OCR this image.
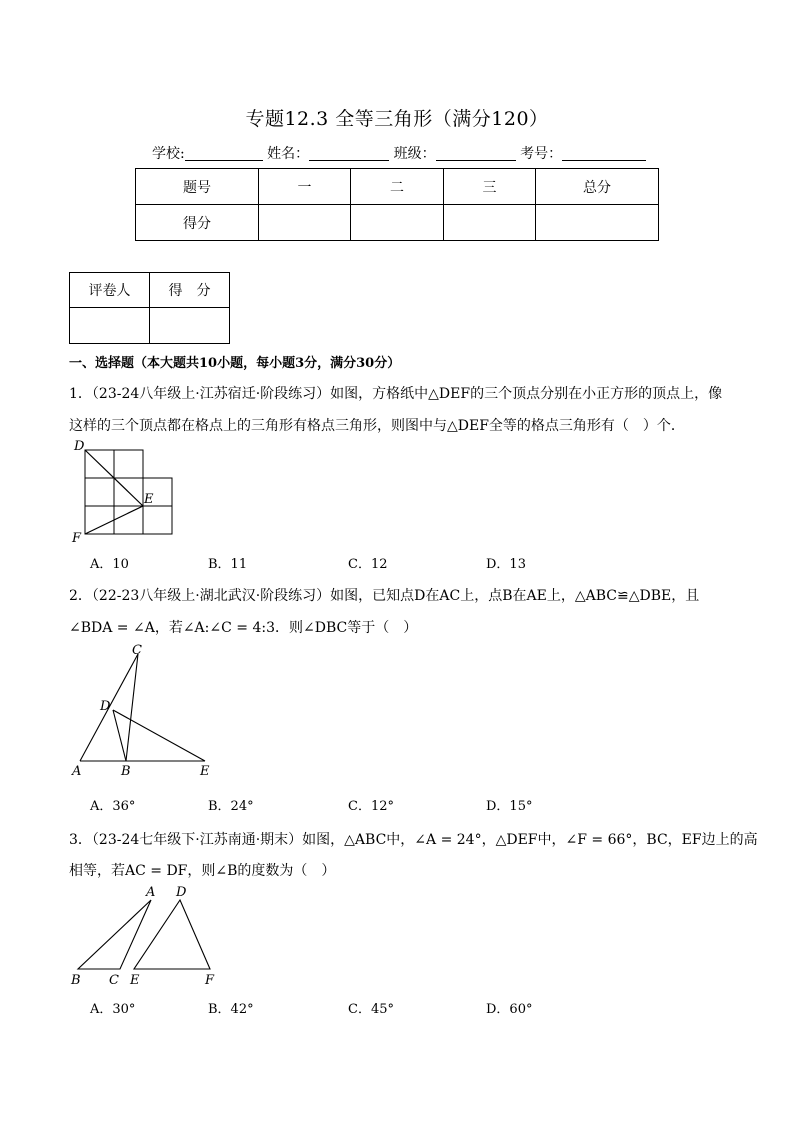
专题12.3 全等三角形（满分120）
学校:	姓名：	班级：	考号：
题号	一	二	三	总分
得分				
评卷人	得　分

一、选择题（本大题共10小题，每小题3分，满分30分）
1．（23-24八年级上·江苏宿迁·阶段练习）如图，方格纸中△DEF的三个顶点分别在小正方形的顶点上，像
这样的三个顶点都在格点上的三角形有格点三角形，则图中与△DEF全等的格点三角形有（　）个．
D
E
F
A．10	B．11	C．12	D．13
2．（22-23八年级上·湖北武汉·阶段练习）如图，已知点D在AC上，点B在AE上，△ABC≌△DBE，且
∠BDA = ∠A，若∠A:∠C = 4:3．则∠DBC等于（　）
C
D
A	B	E
A．36°	B．24°	C．12°	D．15°
3．（23-24七年级下·江苏南通·期末）如图，△ABC中，∠A = 24°，△DEF中，∠F = 66°，BC，EF边上的高
相等，若AC = DF，则∠B的度数为（　）
A D
B C E	F
A．30°	B．42°	C．45°	D．60°
